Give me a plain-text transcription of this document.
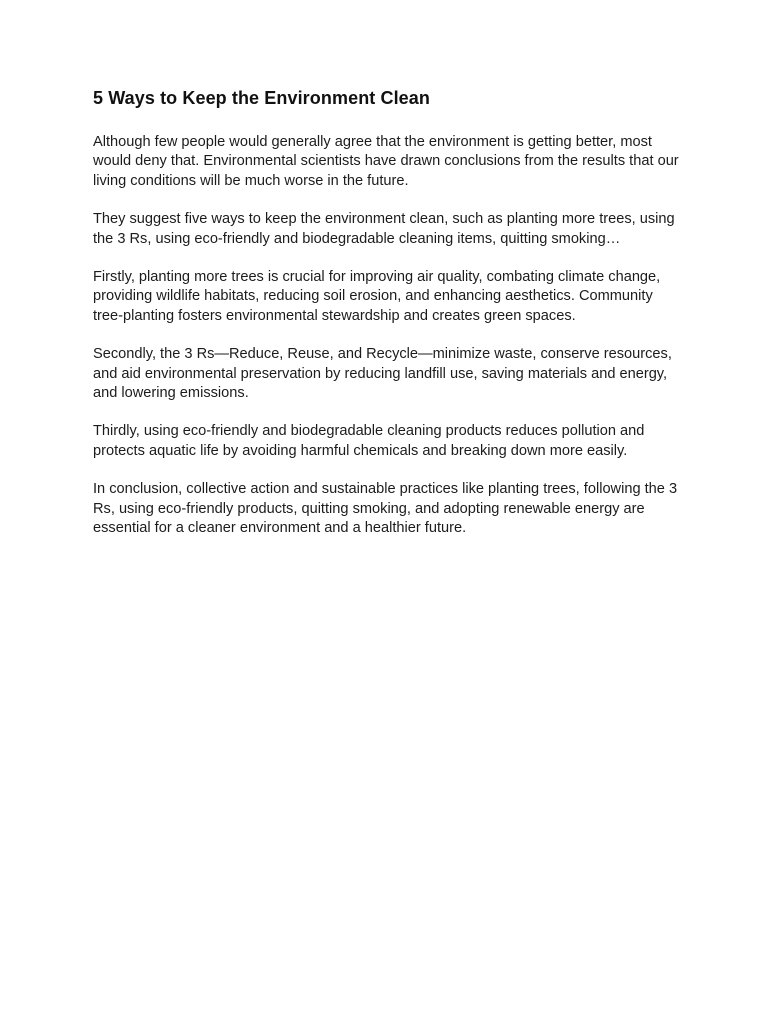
5 Ways to Keep the Environment Clean

Although few people would generally agree that the environment is getting better, most would deny that. Environmental scientists have drawn conclusions from the results that our living conditions will be much worse in the future.

They suggest five ways to keep the environment clean, such as planting more trees, using the 3 Rs, using eco-friendly and biodegradable cleaning items, quitting smoking…

Firstly, planting more trees is crucial for improving air quality, combating climate change, providing wildlife habitats, reducing soil erosion, and enhancing aesthetics. Community tree-planting fosters environmental stewardship and creates green spaces.

Secondly, the 3 Rs—Reduce, Reuse, and Recycle—minimize waste, conserve resources, and aid environmental preservation by reducing landfill use, saving materials and energy, and lowering emissions.

Thirdly, using eco-friendly and biodegradable cleaning products reduces pollution and protects aquatic life by avoiding harmful chemicals and breaking down more easily.

In conclusion, collective action and sustainable practices like planting trees, following the 3 Rs, using eco-friendly products, quitting smoking, and adopting renewable energy are essential for a cleaner environment and a healthier future.
